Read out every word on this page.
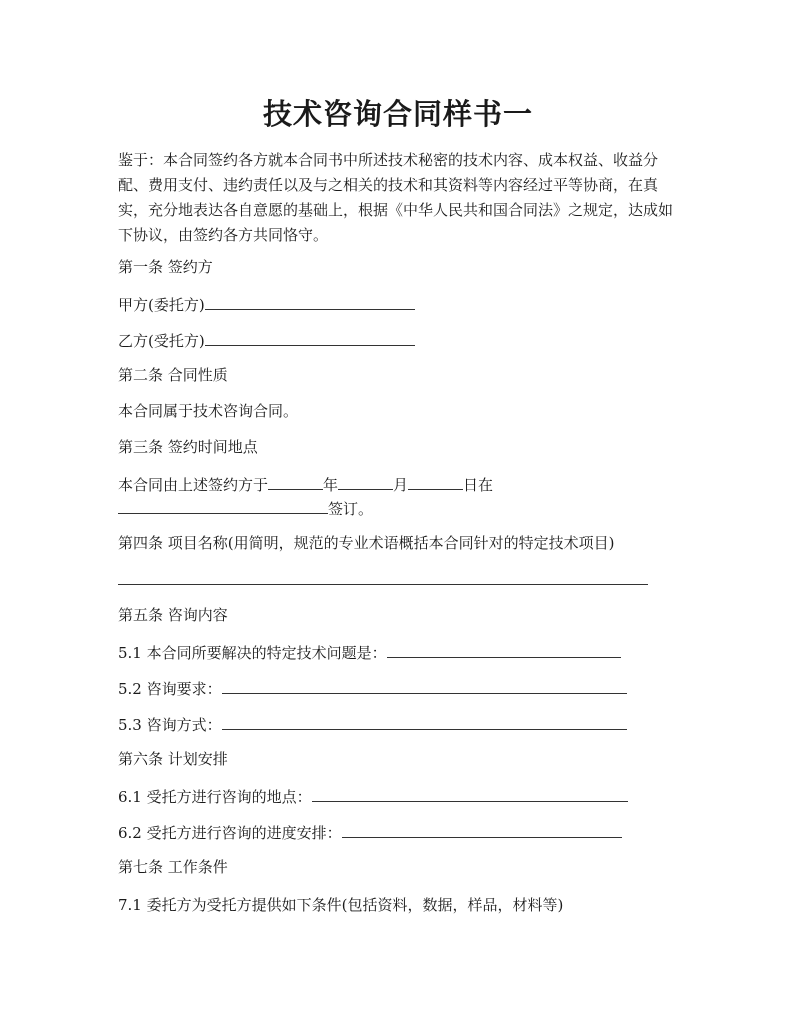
技术咨询合同样书一

鉴于：本合同签约各方就本合同书中所述技术秘密的技术内容、成本权益、收益分配、费用支付、违约责任以及与之相关的技术和其资料等内容经过平等协商，在真实，充分地表达各自意愿的基础上，根据《中华人民共和国合同法》之规定，达成如下协议，由签约各方共同恪守。

第一条 签约方

甲方(委托方)

乙方(受托方)

第二条 合同性质

本合同属于技术咨询合同。

第三条 签约时间地点

本合同由上述签约方于	年	月	日在

签订。

第四条 项目名称(用简明，规范的专业术语概括本合同针对的特定技术项目)

第五条 咨询内容

5.1 本合同所要解决的特定技术问题是：

5.2 咨询要求：

5.3 咨询方式：

第六条 计划安排

6.1 受托方进行咨询的地点：

6.2 受托方进行咨询的进度安排：

第七条 工作条件

7.1 委托方为受托方提供如下条件(包括资料，数据，样品，材料等)
